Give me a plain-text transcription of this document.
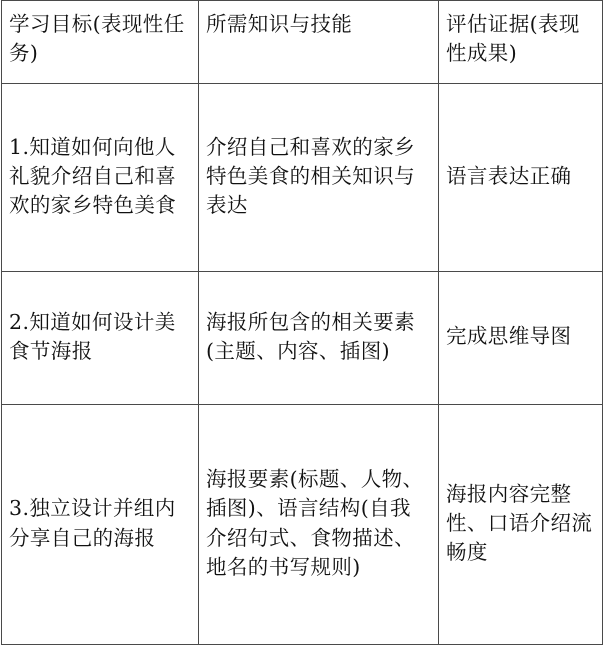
学习目标(表现性任务)	所需知识与技能	评估证据(表现性成果)
1.知道如何向他人礼貌介绍自己和喜欢的家乡特色美食	介绍自己和喜欢的家乡特色美食的相关知识与表达	语言表达正确
2.知道如何设计美食节海报	海报所包含的相关要素(主题、内容、插图)	完成思维导图
3.独立设计并组内分享自己的海报	海报要素(标题、人物、插图)、语言结构(自我介绍句式、食物描述、地名的书写规则)	海报内容完整性、口语介绍流畅度
